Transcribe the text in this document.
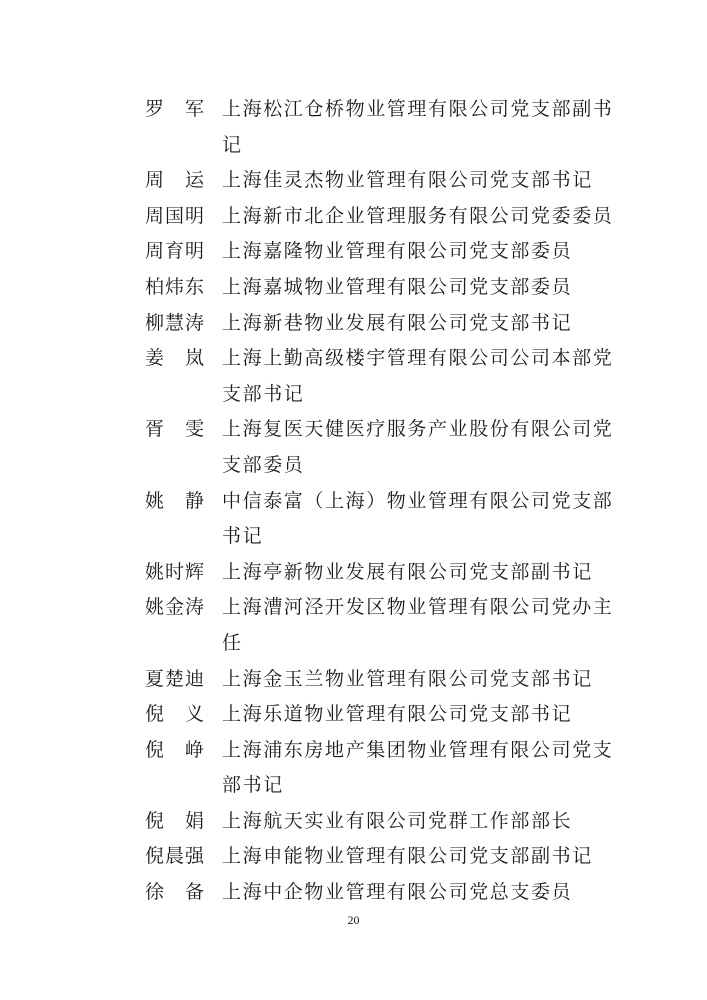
罗　军 上海松江仓桥物业管理有限公司党支部副书记
周　运 上海佳灵杰物业管理有限公司党支部书记
周国明 上海新市北企业管理服务有限公司党委委员
周育明 上海嘉隆物业管理有限公司党支部委员
柏炜东 上海嘉城物业管理有限公司党支部委员
柳慧涛 上海新巷物业发展有限公司党支部书记
姜　岚 上海上勤高级楼宇管理有限公司公司本部党支部书记
胥　雯 上海复医天健医疗服务产业股份有限公司党支部委员
姚　静 中信泰富（上海）物业管理有限公司党支部书记
姚时辉 上海亭新物业发展有限公司党支部副书记
姚金涛 上海漕河泾开发区物业管理有限公司党办主任
夏楚迪 上海金玉兰物业管理有限公司党支部书记
倪　义 上海乐道物业管理有限公司党支部书记
倪　峥 上海浦东房地产集团物业管理有限公司党支部书记
倪　娟 上海航天实业有限公司党群工作部部长
倪晨强 上海申能物业管理有限公司党支部副书记
徐　备 上海中企物业管理有限公司党总支委员
20
